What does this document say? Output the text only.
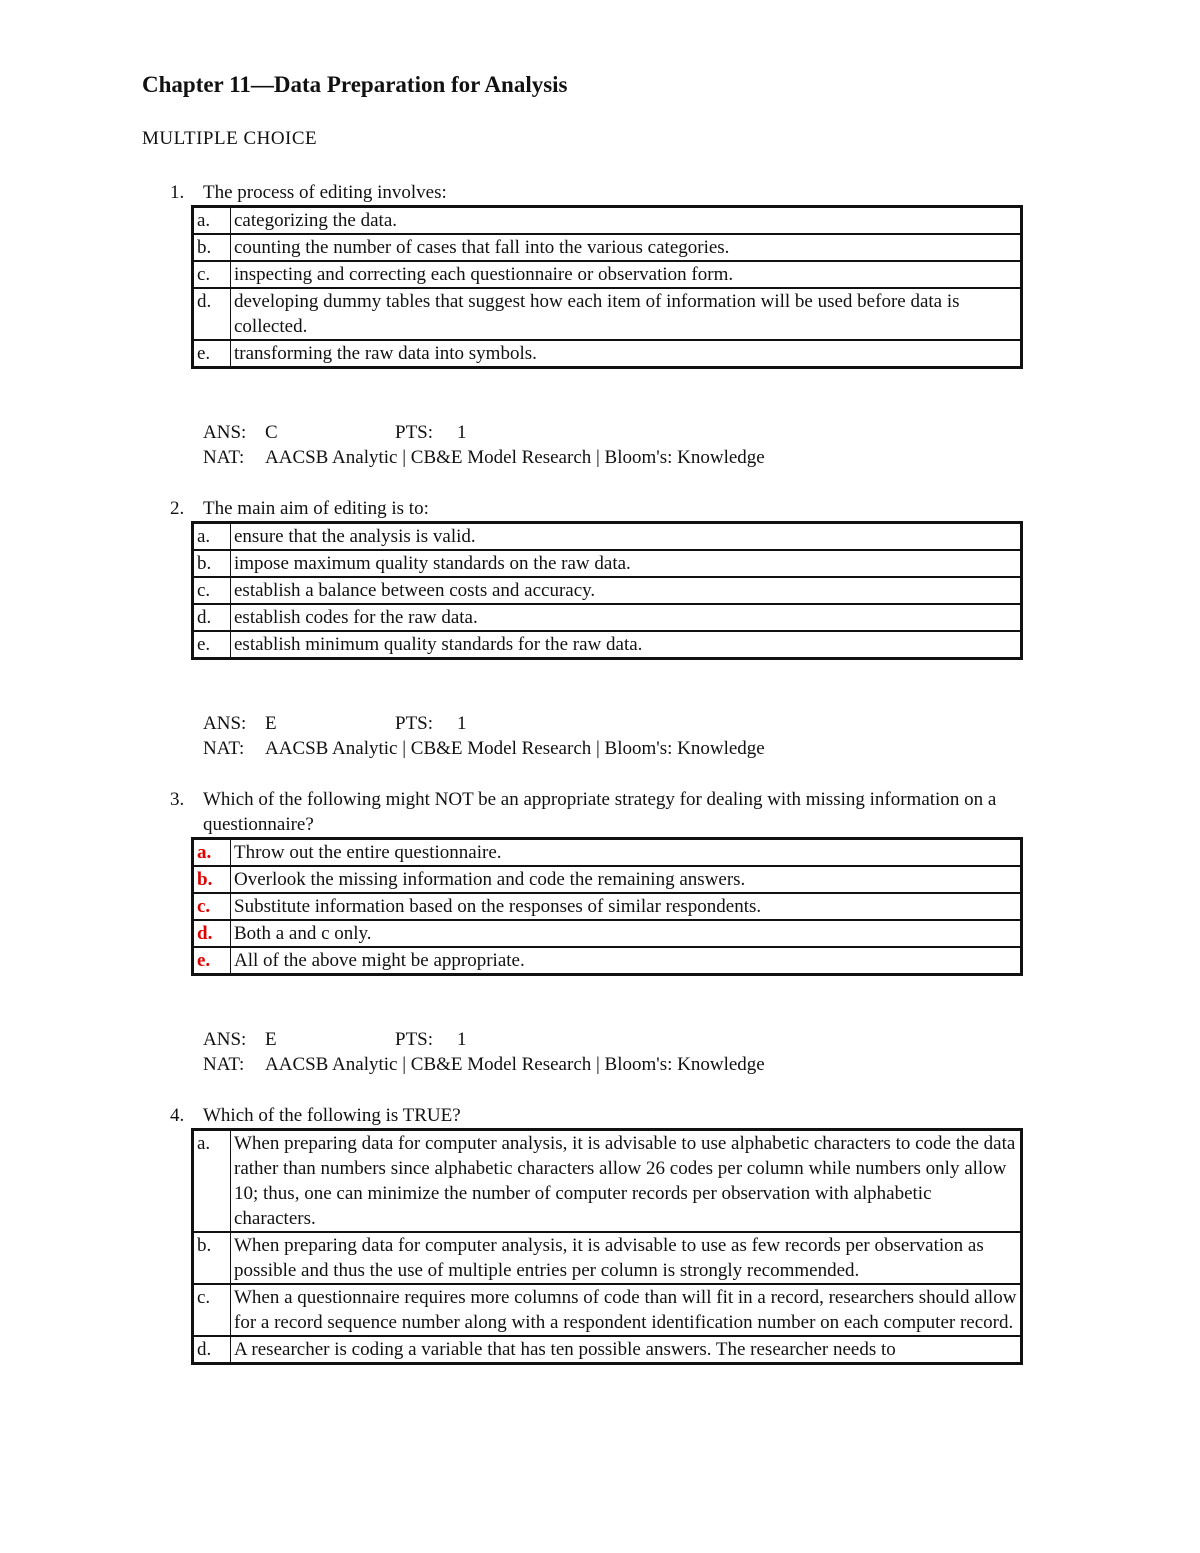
Chapter 11—Data Preparation for Analysis
MULTIPLE CHOICE
1. The process of editing involves:
a.	categorizing the data.
b.	counting the number of cases that fall into the various categories.
c.	inspecting and correcting each questionnaire or observation form.
d.	developing dummy tables that suggest how each item of information will be used before data is collected.
e.	transforming the raw data into symbols.
ANS: C	PTS:	1
NAT:	AACSB Analytic | CB&E Model Research | Bloom's: Knowledge
2. The main aim of editing is to:
a.	ensure that the analysis is valid.
b.	impose maximum quality standards on the raw data.
c.	establish a balance between costs and accuracy.
d.	establish codes for the raw data.
e.	establish minimum quality standards for the raw data.
ANS: E	PTS:	1
NAT:	AACSB Analytic | CB&E Model Research | Bloom's: Knowledge
3. Which of the following might NOT be an appropriate strategy for dealing with missing information on a questionnaire?
a.	Throw out the entire questionnaire.
b.	Overlook the missing information and code the remaining answers.
c.	Substitute information based on the responses of similar respondents.
d.	Both a and c only.
e.	All of the above might be appropriate.
ANS: E	PTS:	1
NAT:	AACSB Analytic | CB&E Model Research | Bloom's: Knowledge
4. Which of the following is TRUE?
a.	When preparing data for computer analysis, it is advisable to use alphabetic characters to code the data rather than numbers since alphabetic characters allow 26 codes per column while numbers only allow 10; thus, one can minimize the number of computer records per observation with alphabetic characters.
b.	When preparing data for computer analysis, it is advisable to use as few records per observation as possible and thus the use of multiple entries per column is strongly recommended.
c.	When a questionnaire requires more columns of code than will fit in a record, researchers should allow for a record sequence number along with a respondent identification number on each computer record.
d.	A researcher is coding a variable that has ten possible answers. The researcher needs to
